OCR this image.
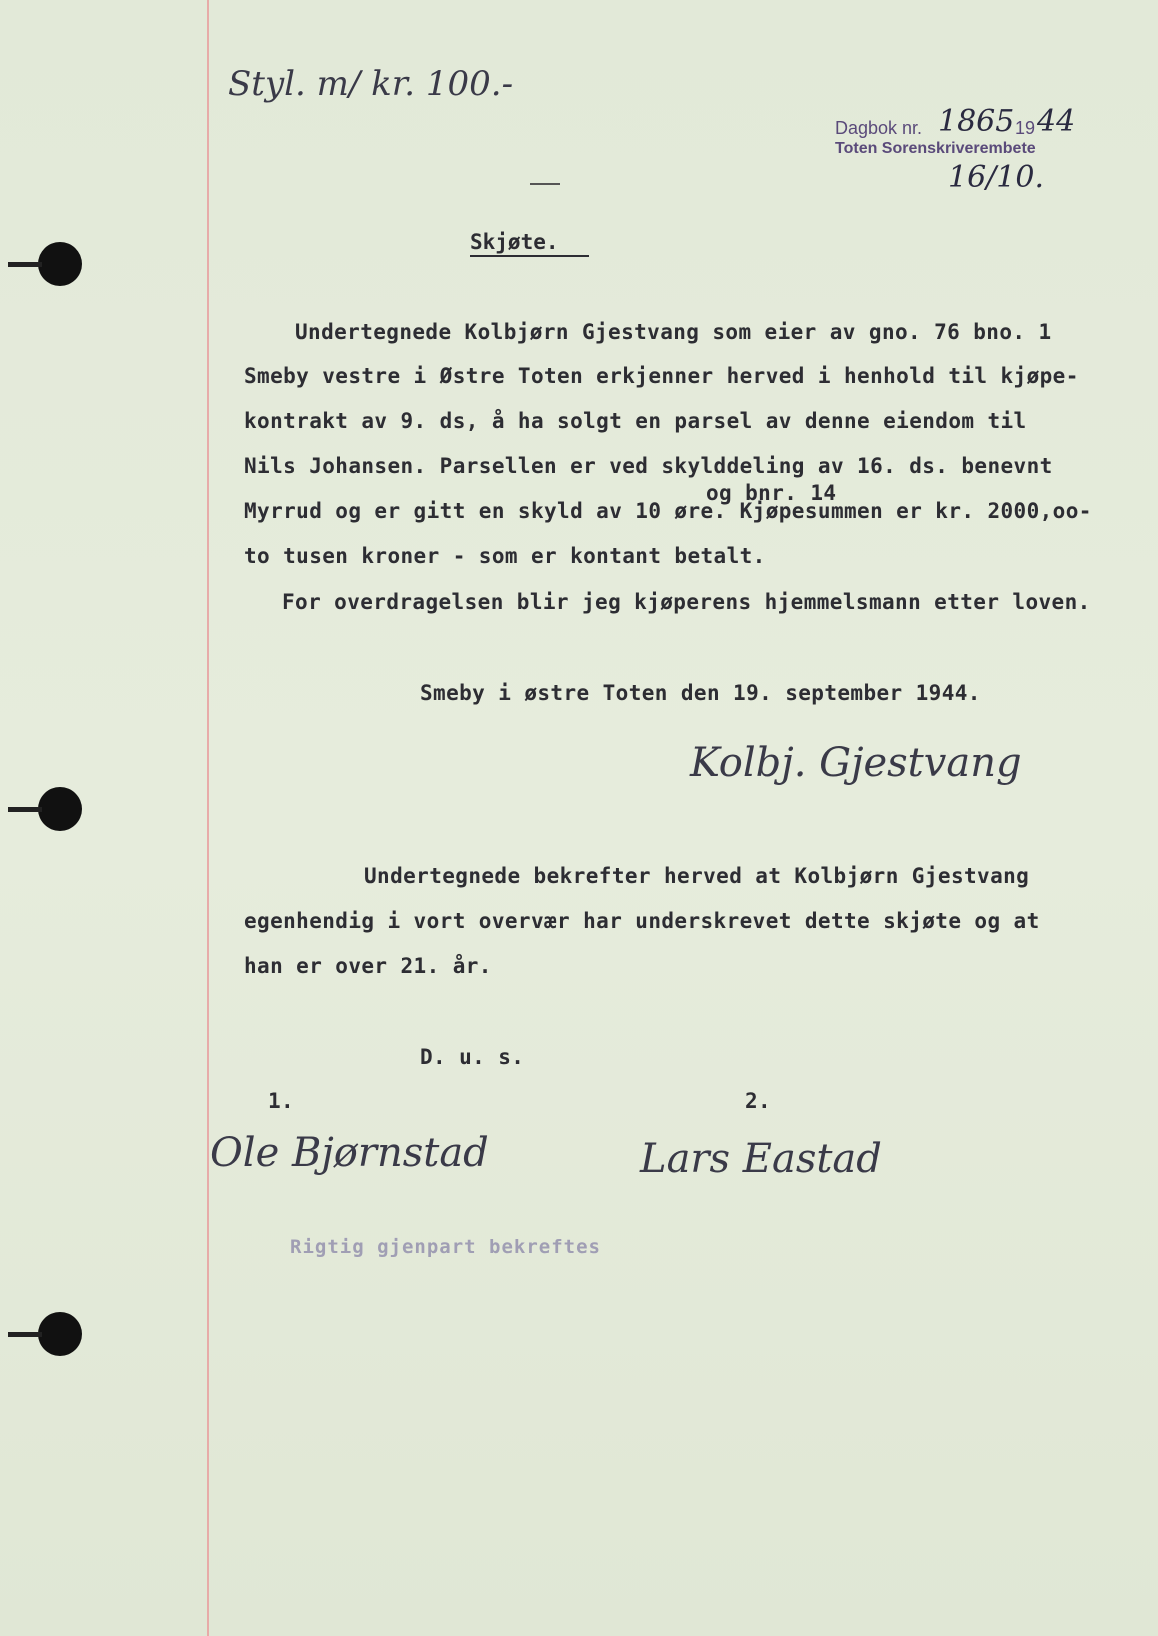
Styl. m/ kr. 100.-
Dagbok nr. 1865 19 44
Toten Sorenskriverembete
16/10.
Skjøte.
Undertegnede Kolbjørn Gjestvang som eier av gno. 76 bno. 1
Smeby vestre i Østre Toten erkjenner herved i henhold til kjøpe-
kontrakt av 9. ds, å ha solgt en parsel av denne eiendom til
Nils Johansen. Parsellen er ved skylddeling av 16. ds. benevnt
og bnr. 14
Myrrud og er gitt en skyld av 10 øre. Kjøpesummen er kr. 2000,oo-
to tusen kroner - som er kontant betalt.
For overdragelsen blir jeg kjøperens hjemmelsmann etter loven.
Smeby i østre Toten den 19. september 1944.
Kolbj. Gjestvang
Undertegnede bekrefter herved at Kolbjørn Gjestvang
egenhendig i vort overvær har underskrevet dette skjøte og at
han er over 21. år.
D. u. s.
1.	2.
Ole Bjørnstad	Lars Eastad
Rigtig gjenpart bekreftes
